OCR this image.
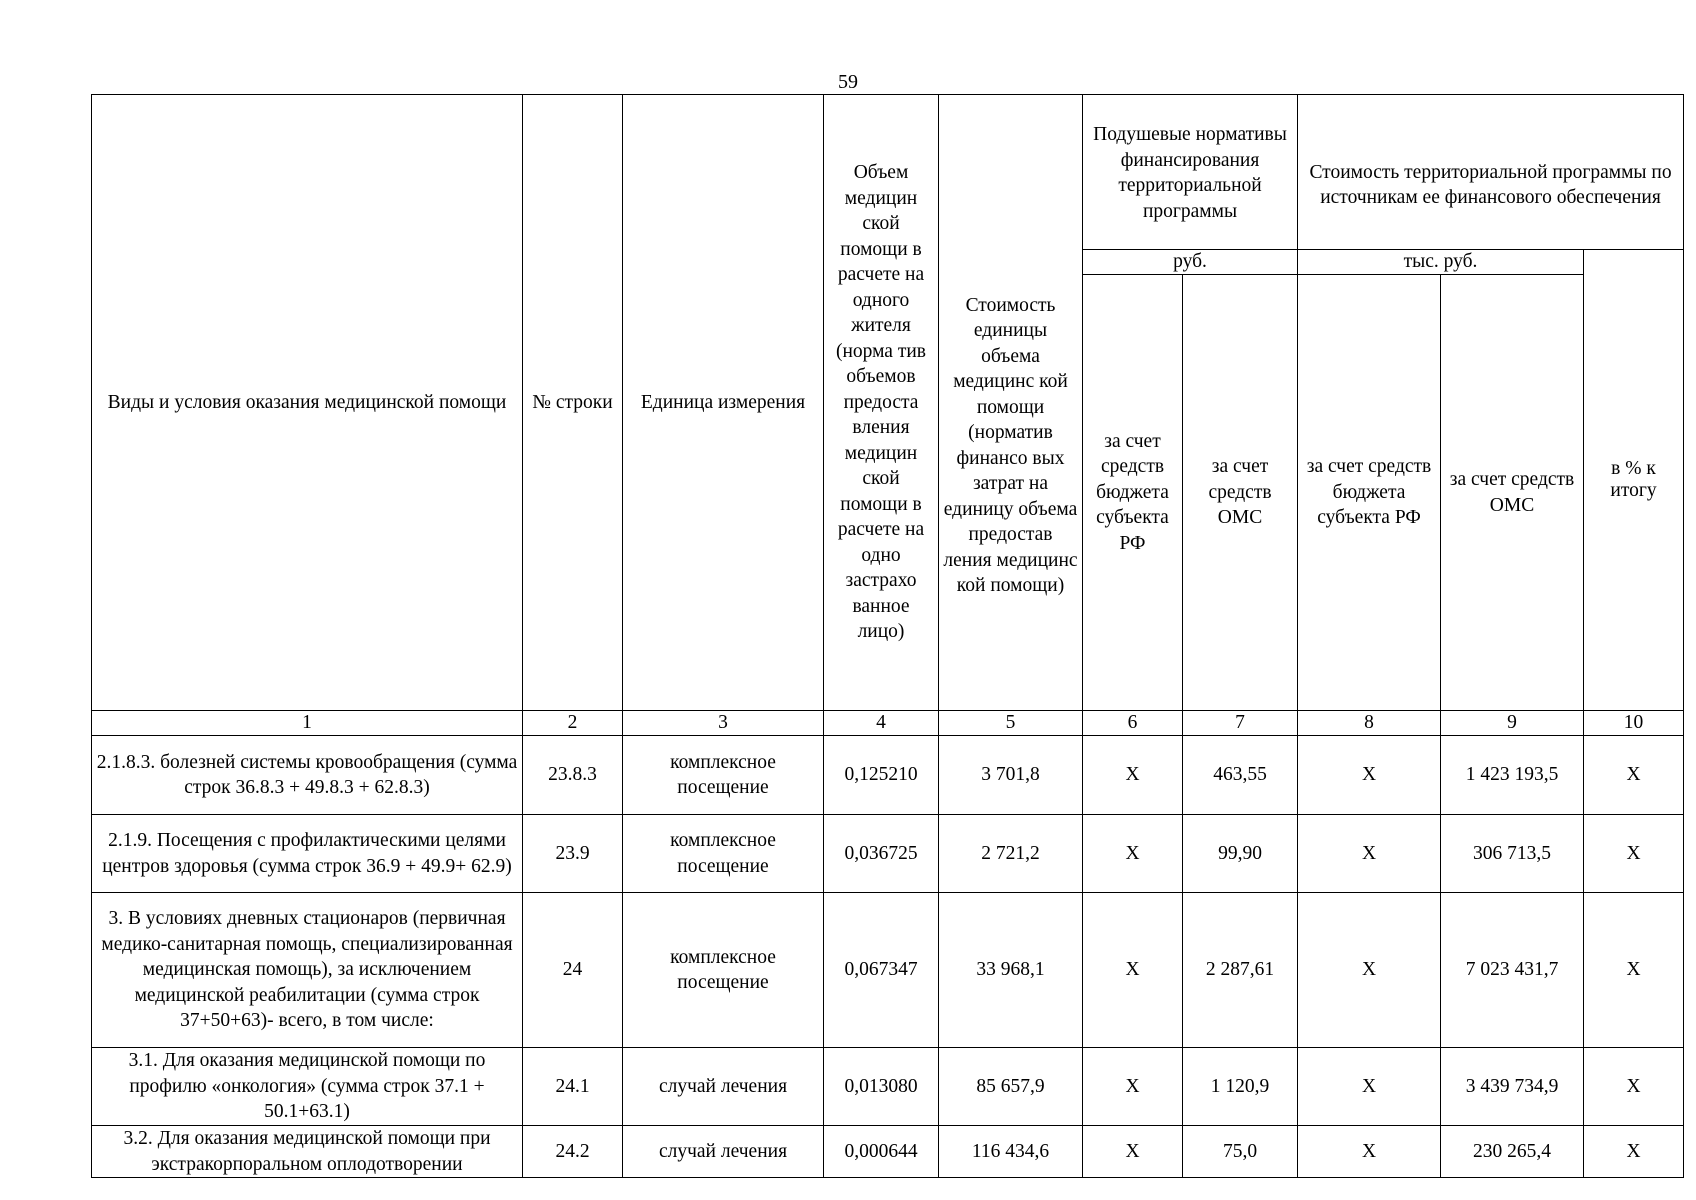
59
Виды и условия оказания медицинской помощи	№ строки	Единица измерения	Объем медицин ской помощи в расчете на одного жителя (норма тив объемов предоста вления медицин ской помощи в расчете на одно застрахо ванное лицо)	Стоимость единицы объема медицинс кой помощи (норматив финансо вых затрат на единицу объема предостав ления медицинс кой помощи)	Подушевые нормативы финансирования территориальной программы		Стоимость территориальной программы по источникам ее финансового обеспечения		
					руб.		тыс. руб.		в % к итогу
					за счет средств бюджета субъекта РФ	за счет средств ОМС	за счет средств бюджета субъекта РФ	за счет средств ОМС	
1	2	3	4	5	6	7	8	9	10
2.1.8.3. болезней системы кровообращения (сумма строк 36.8.3 + 49.8.3 + 62.8.3)	23.8.3	комплексное посещение	0,125210	3 701,8	Х	463,55	Х	1 423 193,5	Х
2.1.9. Посещения с профилактическими целями центров здоровья (сумма строк 36.9 + 49.9+ 62.9)	23.9	комплексное посещение	0,036725	2 721,2	Х	99,90	Х	306 713,5	Х
3. В условиях дневных стационаров (первичная медико-санитарная помощь, специализированная медицинская помощь), за исключением медицинской реабилитации (сумма строк 37+50+63)- всего, в том числе:	24	комплексное посещение	0,067347	33 968,1	Х	2 287,61	Х	7 023 431,7	Х
3.1. Для оказания медицинской помощи по профилю «онкология» (сумма строк 37.1 + 50.1+63.1)	24.1	случай лечения	0,013080	85 657,9	Х	1 120,9	Х	3 439 734,9	Х
3.2. Для оказания медицинской помощи при экстракорпоральном оплодотворении	24.2	случай лечения	0,000644	116 434,6	Х	75,0	Х	230 265,4	Х
